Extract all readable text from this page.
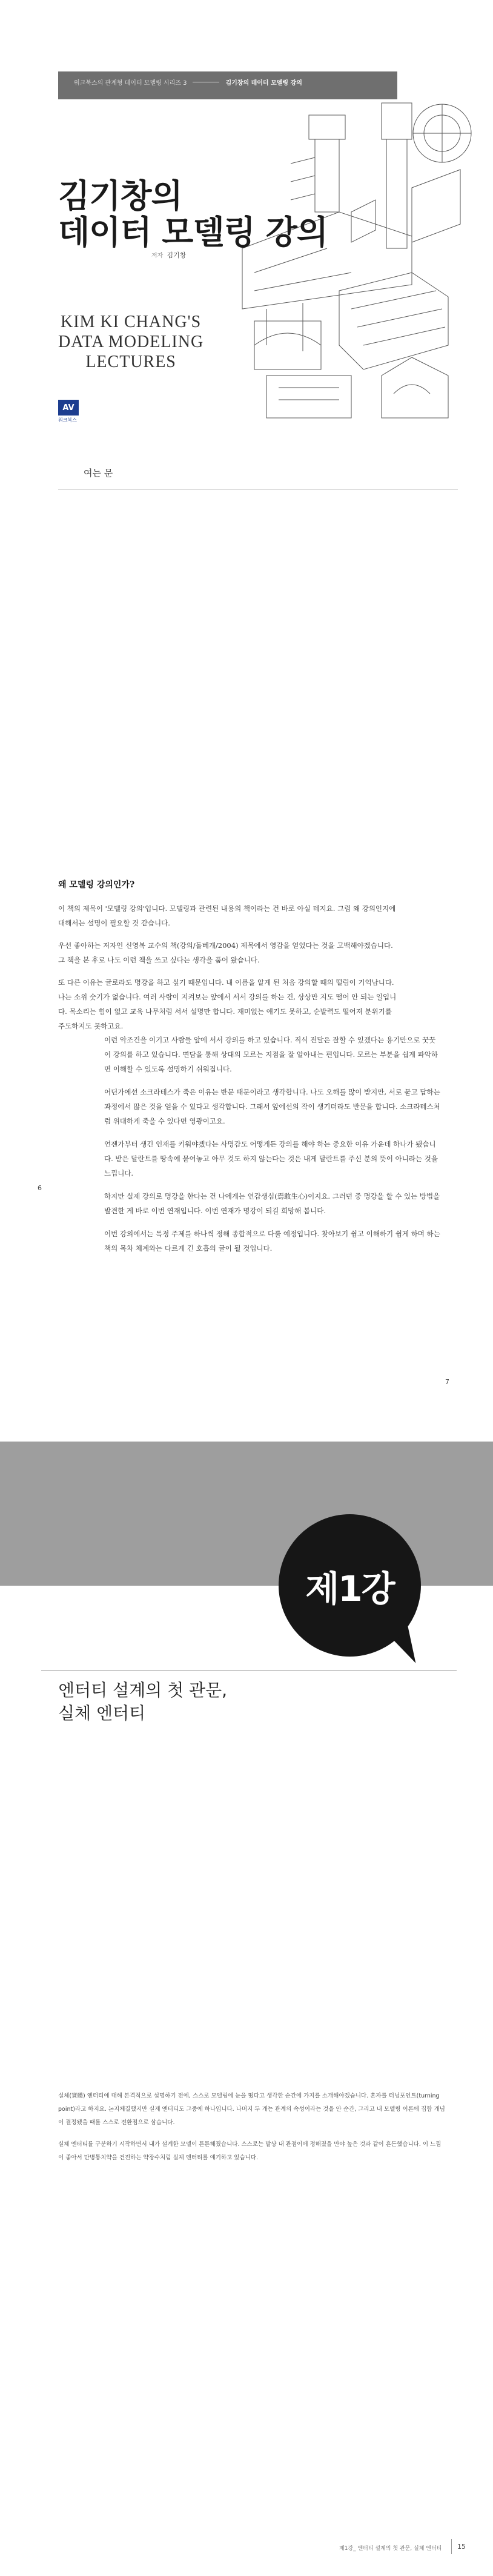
워크북스의 관계형 데이터 모델링 시리즈 3	김기창의 데이터 모델링 강의
김기창의
데이터 모델링 강의
저자 김기창
KIM KI CHANG'S
DATA MODELING
LECTURES
AV
워크북스
여는 문
왜 모델링 강의인가?

이 책의 제목이 '모델링 강의'입니다. 모델링과 관련된 내용의 책이라는 건 바로 아실 테지요. 그럼 왜 강의인지에 대해서는 설명이 필요할 것 같습니다.

우선 좋아하는 저자인 신영복 교수의 책(강의/돌베개/2004) 제목에서 영감을 얻었다는 것을 고백해야겠습니다. 그 책을 본 후로 나도 이런 책을 쓰고 싶다는 생각을 품어 왔습니다.

또 다른 이유는 글로라도 명강을 하고 싶기 때문입니다. 내 이름을 알게 된 처음 강의할 때의 떨림이 기억납니다. 나는 소위 숫기가 없습니다. 여러 사람이 지켜보는 앞에서 서서 강의를 하는 건, 상상만 지도 떨어 안 되는 일입니다. 목소리는 힘이 없고 교육 나무처럼 서서 설명만 합니다. 재미없는 얘기도 못하고, 순발력도 떨어져 분위기를 주도하지도 못하고요.

6

이런 악조건을 이기고 사람들 앞에 서서 강의를 하고 있습니다. 직식 전달은 잘할 수 있겠다는 용기만으로 꿋꿋이 강의를 하고 있습니다. 면담을 통해 상대의 모르는 지점을 잘 알아내는 편입니다. 모르는 부분을 쉽게 파악하면 이해할 수 있도록 설명하기 쉬워집니다.

어딘가에선 소크라테스가 죽은 이유는 반문 때문이라고 생각합니다. 나도 오해를 많이 받지만, 서로 묻고 답하는 과정에서 많은 것을 얻을 수 있다고 생각합니다. 그래서 앞에선의 작이 생기더라도 반문을 합니다. 소크라테스처럼 위대하게 죽을 수 있다면 영광이고요.

언젠가부터 생긴 인재를 키워야겠다는 사명감도 어떻게든 강의를 해야 하는 중요한 이유 가운데 하나가 됐습니다. 받은 달란트를 땅속에 묻어놓고 아무 것도 하지 않는다는 것은 내게 달란트를 주신 분의 뜻이 아니라는 것을 느낍니다.

하지만 실제 강의로 명강을 한다는 건 나에게는 연갑생심(焉敢生心)이지요. 그러던 중 명강을 할 수 있는 방법을 발견한 게 바로 이번 연재입니다. 이번 연재가 명강이 되길 희망해 봅니다.

이번 강의에서는 특정 주제를 하나씩 정해 종합적으로 다룰 예정입니다. 찾아보기 쉽고 이해하기 쉽게 하며 하는 책의 목차 체계와는 다르게 긴 호흡의 글이 될 것입니다.

7
제1강
엔터티 설계의 첫 관문,
실체 엔터티

실체(實體) 엔터티에 대해 본격적으로 설명하기 전에, 스스로 모델링에 눈을 떴다고 생각한 순간에 가지를 소개해야겠습니다. 혼자를 터닝포인트(turning point)라고 하지요. 논지체결했지만 실제 엔터티도 그중에 하나입니다. 나머지 두 개는 관계의 속성이라는 것을 안 순간, 그리고 내 모델링 이론에 집합 개념이 결정됐을 때를 스스로 전환점으로 삼습니다.

실체 엔터티를 구분하기 시작하면서 내가 설계한 모델이 튼튼해졌습니다. 스스로는 발상 내 관점이에 정해졌을 만야 높은 것과 같이 흔든했습니다. 이 느낌이 좋아서 만병통치약을 건전하는 약장수처럼 실체 엔터티를 얘기하고 있습니다.

제1강_ 엔터티 설계의 첫 관문, 실체 엔터티 15
